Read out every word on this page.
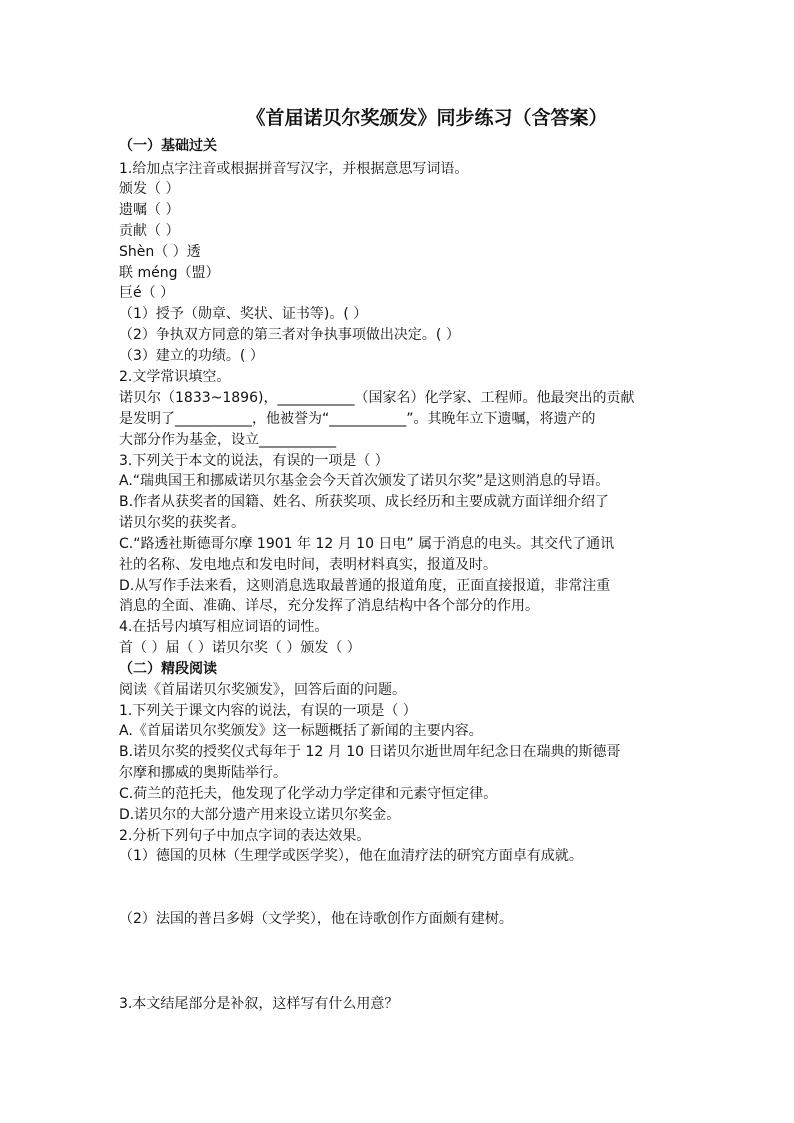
《首届诺贝尔奖颁发》同步练习（含答案）
（一）基础过关
1.给加点字注音或根据拼音写汉字，并根据意思写词语。
颁发（ ）
遗嘱（ ）
贡献（ ）
Shèn（ ）透
联 méng（盟）
巨é（ ）
（1）授予（勋章、奖状、证书等)。( ）
（2）争执双方同意的第三者对争执事项做出决定。( ）
（3）建立的功绩。( ）
2.文学常识填空。
诺贝尔（1833~1896)，___________（国家名）化学家、工程师。他最突出的贡献
是发明了___________，他被誉为“___________”。其晚年立下遗嘱，将遗产的
大部分作为基金，设立___________
3.下列关于本文的说法，有误的一项是（ ）
A.“瑞典国王和挪威诺贝尔基金会今天首次颁发了诺贝尔奖”是这则消息的导语。
B.作者从获奖者的国籍、姓名、所获奖项、成长经历和主要成就方面详细介绍了
诺贝尔奖的获奖者。
C.“路透社斯德哥尔摩 1901 年 12 月 10 日电” 属于消息的电头。其交代了通讯
社的名称、发电地点和发电时间，表明材料真实，报道及时。
D.从写作手法来看，这则消息选取最普通的报道角度，正面直接报道，非常注重
消息的全面、准确、详尽，充分发挥了消息结构中各个部分的作用。
4.在括号内填写相应词语的词性。
首（ ）届（ ）诺贝尔奖（ ）颁发（ ）
（二）精段阅读
阅读《首届诺贝尔奖颁发》，回答后面的问题。
1.下列关于课文内容的说法，有误的一项是（ ）
A.《首届诺贝尔奖颁发》这一标题概括了新闻的主要内容。
B.诺贝尔奖的授奖仪式每年于 12 月 10 日诺贝尔逝世周年纪念日在瑞典的斯德哥
尔摩和挪威的奥斯陆举行。
C.荷兰的范托夫，他发现了化学动力学定律和元素守恒定律。
D.诺贝尔的大部分遗产用来设立诺贝尔奖金。
2.分析下列句子中加点字词的表达效果。
（1）德国的贝林（生理学或医学奖），他在血清疗法的研究方面卓有成就。
（2）法国的普吕多姆（文学奖），他在诗歌创作方面颇有建树。
3.本文结尾部分是补叙，这样写有什么用意？
